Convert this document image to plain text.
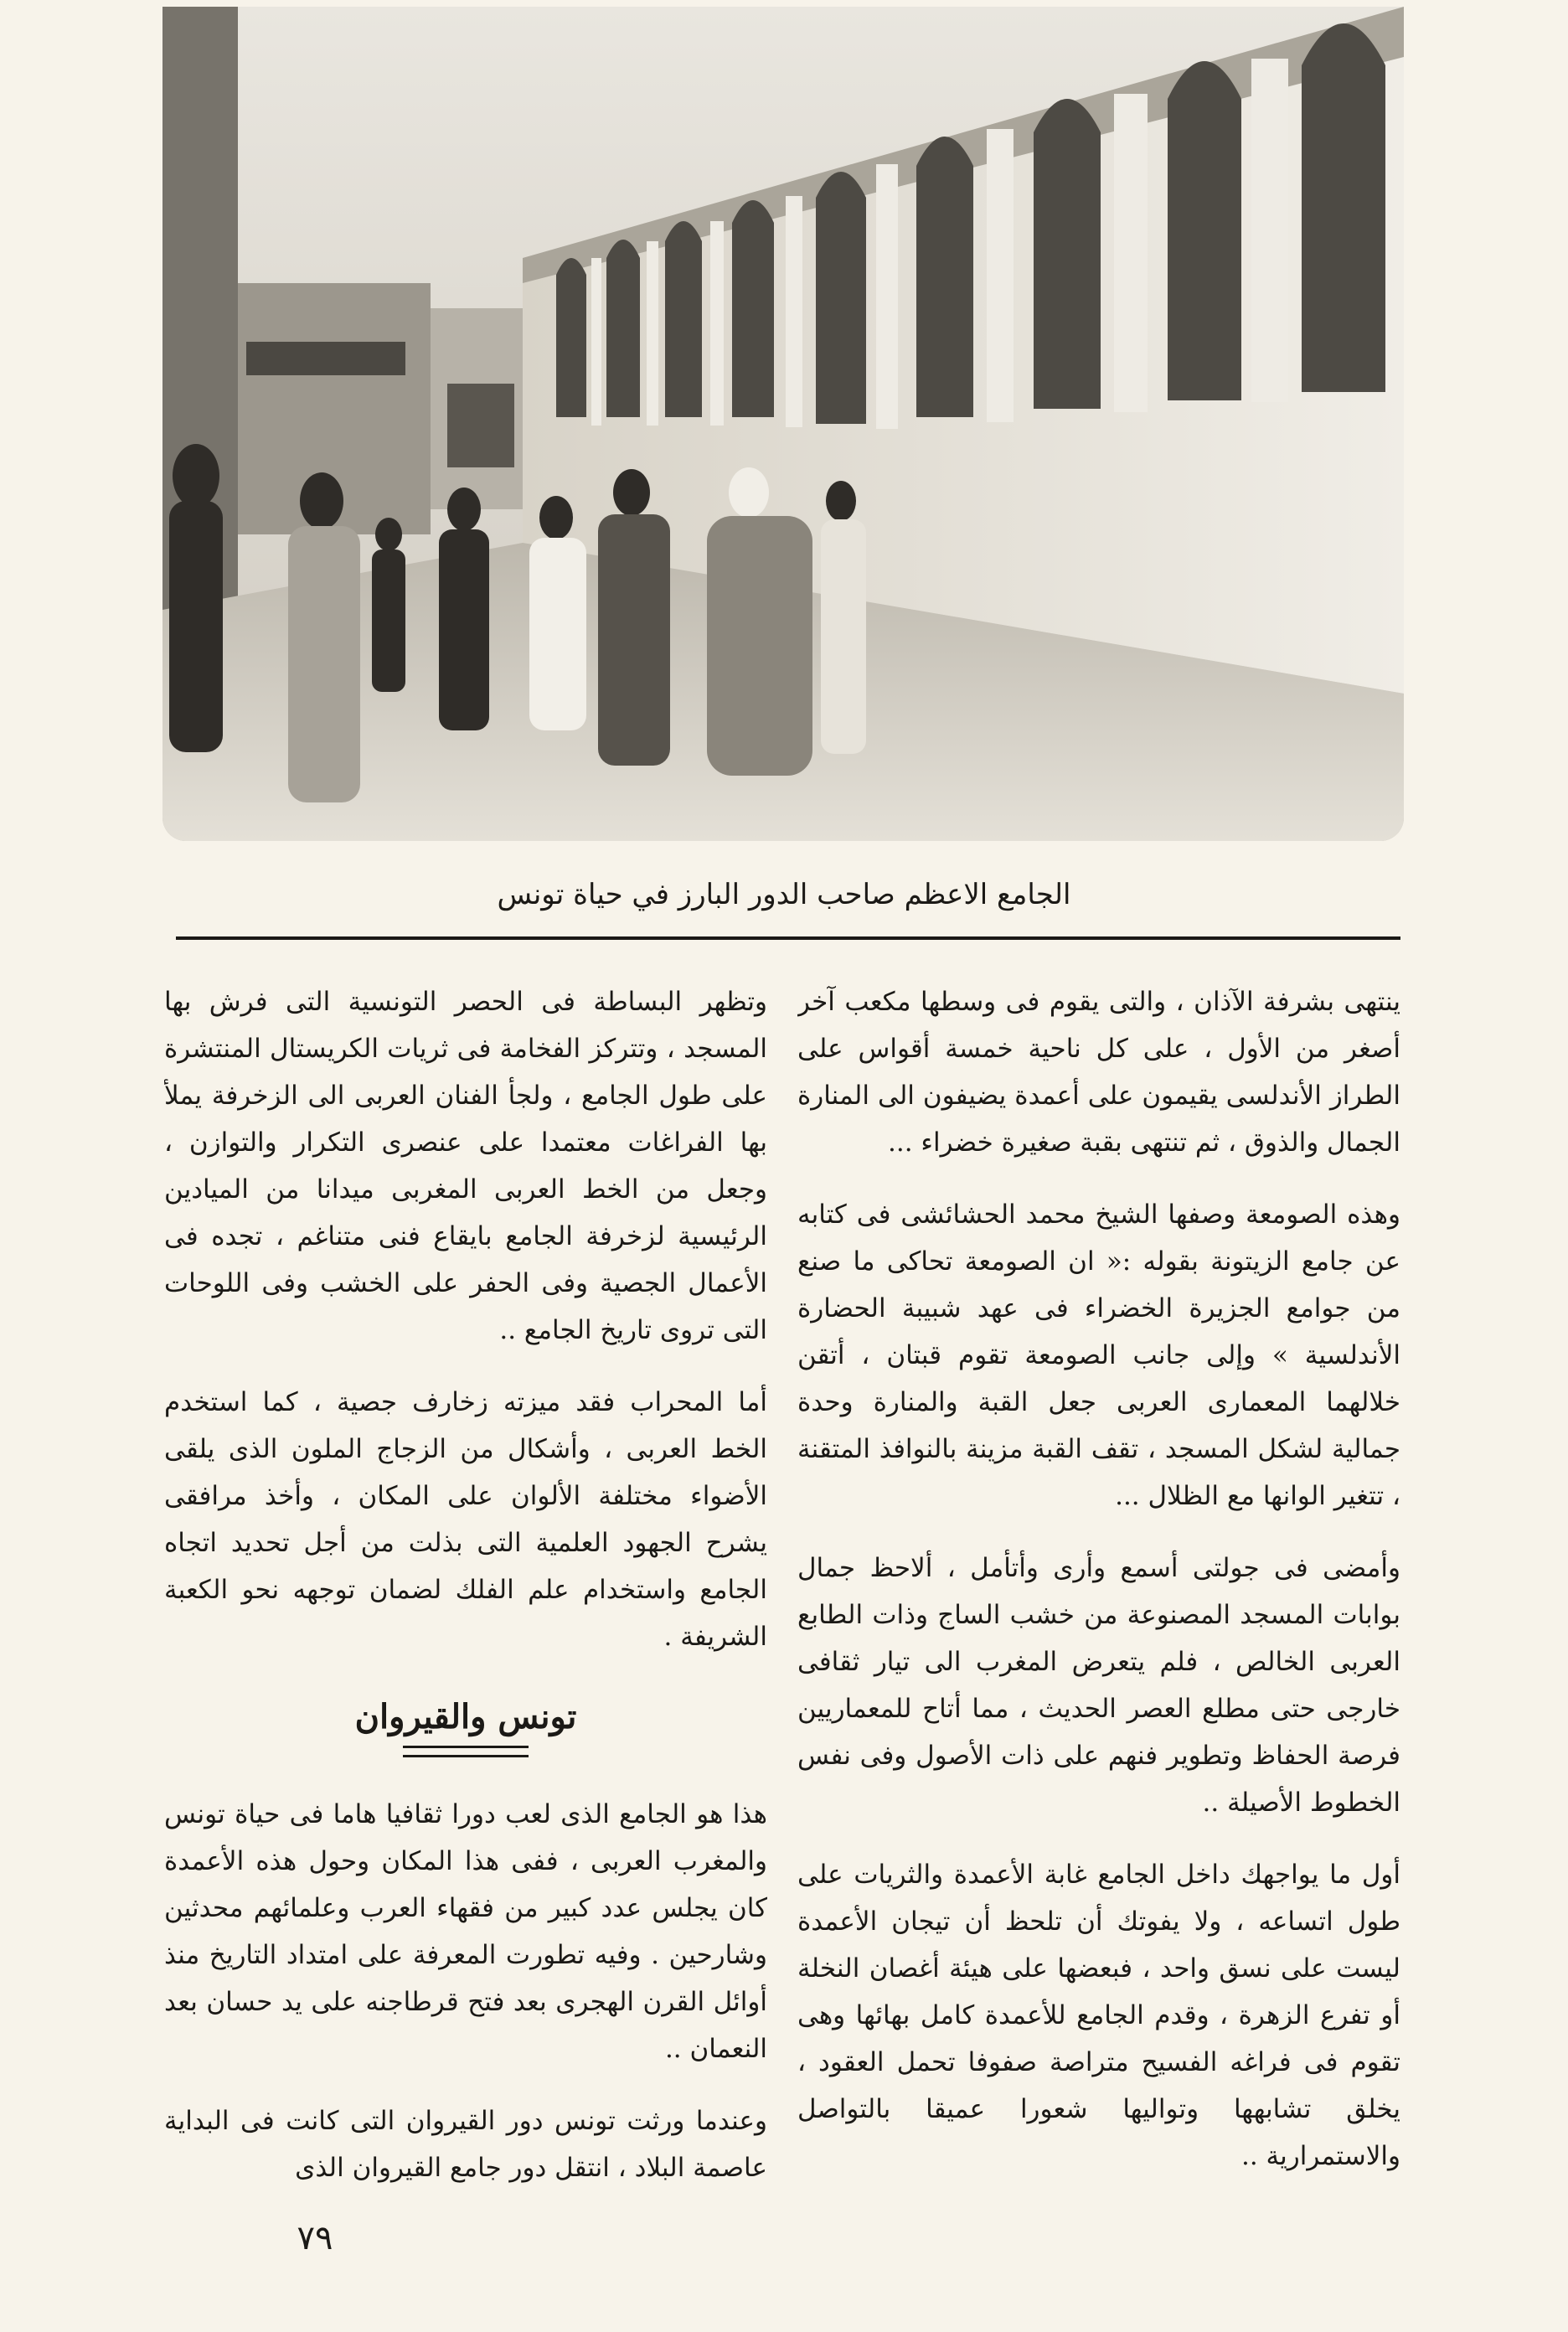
الجامع الاعظم صاحب الدور البارز في حياة تونس

ينتهى بشرفة الآذان ، والتى يقوم فى وسطها مكعب آخر أصغر من الأول ، على كل ناحية خمسة أقواس على الطراز الأندلسى يقيمون على أعمدة يضيفون الى المنارة الجمال والذوق ، ثم تنتهى بقبة صغيرة خضراء ...

وهذه الصومعة وصفها الشيخ محمد الحشائشى فى كتابه عن جامع الزيتونة بقوله :« ان الصومعة تحاكى ما صنع من جوامع الجزيرة الخضراء فى عهد شبيبة الحضارة الأندلسية » وإلى جانب الصومعة تقوم قبتان ، أتقن خلالهما المعمارى العربى جعل القبة والمنارة وحدة جمالية لشكل المسجد ، تقف القبة مزينة بالنوافذ المتقنة ، تتغير الوانها مع الظلال ...

وأمضى فى جولتى أسمع وأرى وأتأمل ، ألاحظ جمال بوابات المسجد المصنوعة من خشب الساج وذات الطابع العربى الخالص ، فلم يتعرض المغرب الى تيار ثقافى خارجى حتى مطلع العصر الحديث ، مما أتاح للمعماريين فرصة الحفاظ وتطوير فنهم على ذات الأصول وفى نفس الخطوط الأصيلة ..

أول ما يواجهك داخل الجامع غابة الأعمدة والثريات على طول اتساعه ، ولا يفوتك أن تلحظ أن تيجان الأعمدة ليست على نسق واحد ، فبعضها على هيئة أغصان النخلة أو تفرع الزهرة ، وقدم الجامع للأعمدة كامل بهائها وهى تقوم فى فراغه الفسيح متراصة صفوفا تحمل العقود ، يخلق تشابهها وتواليها شعورا عميقا بالتواصل والاستمرارية ..

وتظهر البساطة فى الحصر التونسية التى فرش بها المسجد ، وتتركز الفخامة فى ثريات الكريستال المنتشرة على طول الجامع ، ولجأ الفنان العربى الى الزخرفة يملأ بها الفراغات معتمدا على عنصرى التكرار والتوازن ، وجعل من الخط العربى المغربى ميدانا من الميادين الرئيسية لزخرفة الجامع بايقاع فنى متناغم ، تجده فى الأعمال الجصية وفى الحفر على الخشب وفى اللوحات التى تروى تاريخ الجامع ..

أما المحراب فقد ميزته زخارف جصية ، كما استخدم الخط العربى ، وأشكال من الزجاج الملون الذى يلقى الأضواء مختلفة الألوان على المكان ، وأخذ مرافقى يشرح الجهود العلمية التى بذلت من أجل تحديد اتجاه الجامع واستخدام علم الفلك لضمان توجهه نحو الكعبة الشريفة .

تونس والقيروان

هذا هو الجامع الذى لعب دورا ثقافيا هاما فى حياة تونس والمغرب العربى ، ففى هذا المكان وحول هذه الأعمدة كان يجلس عدد كبير من فقهاء العرب وعلمائهم محدثين وشارحين . وفيه تطورت المعرفة على امتداد التاريخ منذ أوائل القرن الهجرى بعد فتح قرطاجنه على يد حسان بعد النعمان ..

وعندما ورثت تونس دور القيروان التى كانت فى البداية عاصمة البلاد ، انتقل دور جامع القيروان الذى

٧٩
